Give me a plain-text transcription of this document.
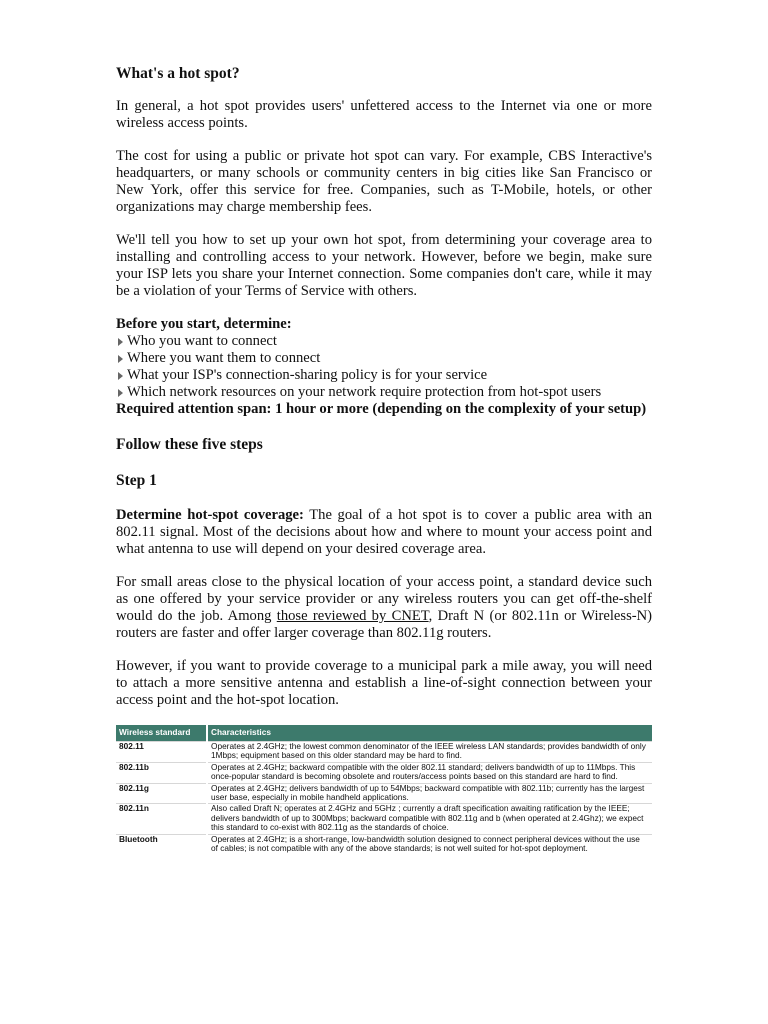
What's a hot spot?

In general, a hot spot provides users' unfettered access to the Internet via one or more wireless access points.

The cost for using a public or private hot spot can vary. For example, CBS Interactive's headquarters, or many schools or community centers in big cities like San Francisco or New York, offer this service for free. Companies, such as T-Mobile, hotels, or other organizations may charge membership fees.

We'll tell you how to set up your own hot spot, from determining your coverage area to installing and controlling access to your network. However, before we begin, make sure your ISP lets you share your Internet connection. Some companies don't care, while it may be a violation of your Terms of Service with others.

Before you start, determine:

Who you want to connect
Where you want them to connect
What your ISP's connection-sharing policy is for your service
Which network resources on your network require protection from hot-spot users

Required attention span: 1 hour or more (depending on the complexity of your setup)

Follow these five steps
Step 1

Determine hot-spot coverage: The goal of a hot spot is to cover a public area with an 802.11 signal. Most of the decisions about how and where to mount your access point and what antenna to use will depend on your desired coverage area.

For small areas close to the physical location of your access point, a standard device such as one offered by your service provider or any wireless routers you can get off-the-shelf would do the job. Among those reviewed by CNET, Draft N (or 802.11n or Wireless-N) routers are faster and offer larger coverage than 802.11g routers.

However, if you want to provide coverage to a municipal park a mile away, you will need to attach a more sensitive antenna and establish a line-of-sight connection between your access point and the hot-spot location.

Wireless standard	Characteristics
802.11	Operates at 2.4GHz; the lowest common denominator of the IEEE wireless LAN standards; provides bandwidth of only 1Mbps; equipment based on this older standard may be hard to find.
802.11b	Operates at 2.4GHz; backward compatible with the older 802.11 standard; delivers bandwidth of up to 11Mbps. This once-popular standard is becoming obsolete and routers/access points based on this standard are hard to find.
802.11g	Operates at 2.4GHz; delivers bandwidth of up to 54Mbps; backward compatible with 802.11b; currently has the largest user base, especially in mobile handheld applications.
802.11n	Also called Draft N; operates at 2.4GHz and 5GHz ; currently a draft specification awaiting ratification by the IEEE; delivers bandwidth of up to 300Mbps; backward compatible with 802.11g and b (when operated at 2.4Ghz); we expect this standard to co-exist with 802.11g as the standards of choice.
Bluetooth	Operates at 2.4GHz; is a short-range, low-bandwidth solution designed to connect peripheral devices without the use of cables; is not compatible with any of the above standards; is not well suited for hot-spot deployment.
